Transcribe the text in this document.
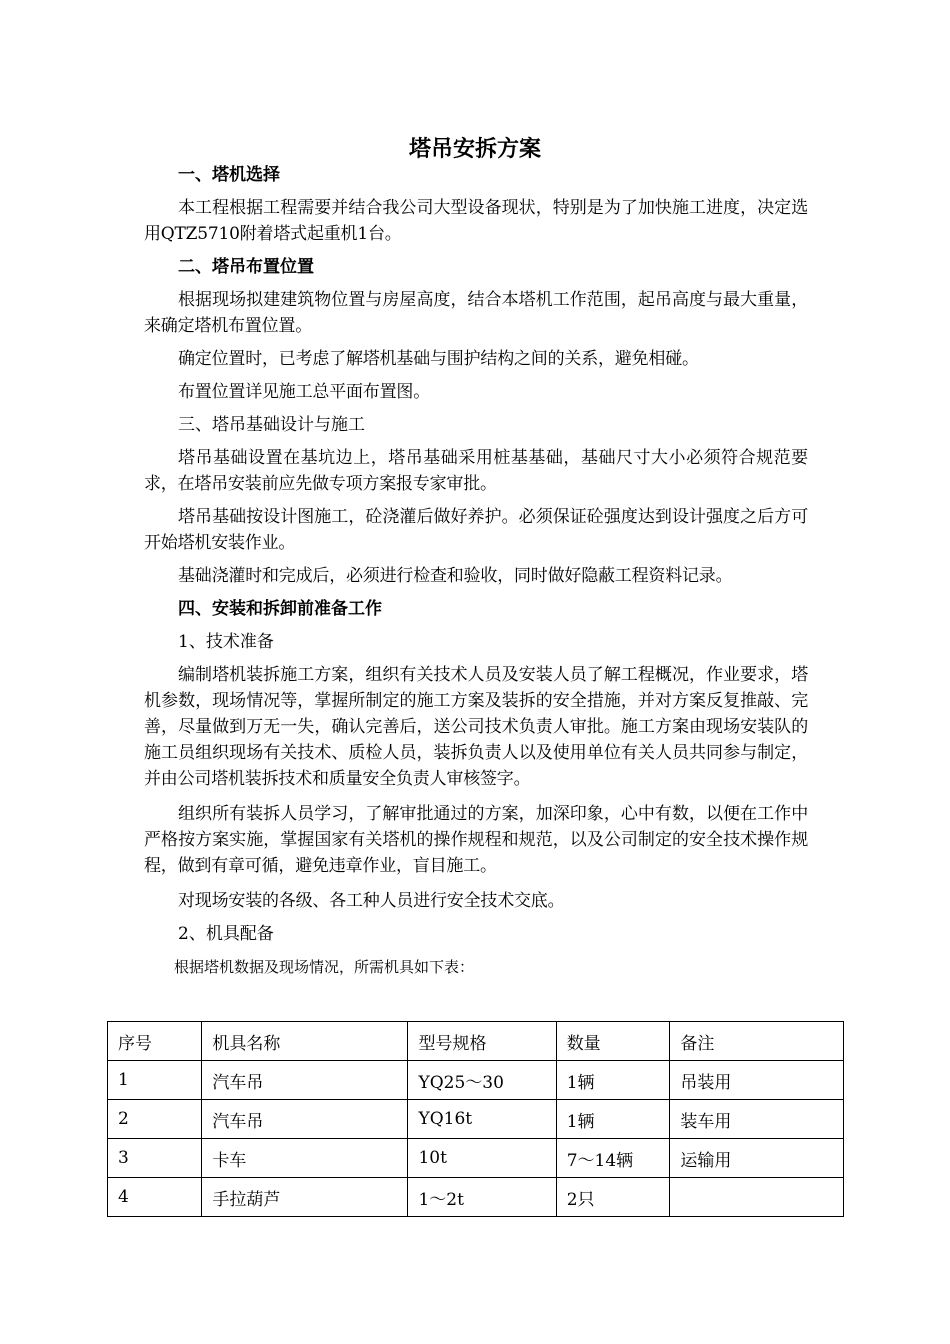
塔吊安拆方案

一、塔机选择

本工程根据工程需要并结合我公司大型设备现状，特别是为了加快施工进度，决定选用QTZ5710附着塔式起重机1台。

二、塔吊布置位置

根据现场拟建建筑物位置与房屋高度，结合本塔机工作范围，起吊高度与最大重量，来确定塔机布置位置。

确定位置时，已考虑了解塔机基础与围护结构之间的关系，避免相碰。

布置位置详见施工总平面布置图。

三、塔吊基础设计与施工

塔吊基础设置在基坑边上，塔吊基础采用桩基基础，基础尺寸大小必须符合规范要求，在塔吊安装前应先做专项方案报专家审批。

塔吊基础按设计图施工，砼浇灌后做好养护。必须保证砼强度达到设计强度之后方可开始塔机安装作业。

基础浇灌时和完成后，必须进行检查和验收，同时做好隐蔽工程资料记录。

四、安装和拆卸前准备工作

1、技术准备

编制塔机装拆施工方案，组织有关技术人员及安装人员了解工程概况，作业要求，塔机参数，现场情况等，掌握所制定的施工方案及装拆的安全措施，并对方案反复推敲、完善，尽量做到万无一失，确认完善后，送公司技术负责人审批。施工方案由现场安装队的施工员组织现场有关技术、质检人员，装拆负责人以及使用单位有关人员共同参与制定，并由公司塔机装拆技术和质量安全负责人审核签字。

组织所有装拆人员学习，了解审批通过的方案，加深印象，心中有数，以便在工作中严格按方案实施，掌握国家有关塔机的操作规程和规范，以及公司制定的安全技术操作规程，做到有章可循，避免违章作业，盲目施工。

对现场安装的各级、各工种人员进行安全技术交底。

2、机具配备

根据塔机数据及现场情况，所需机具如下表：

序号	机具名称	型号规格	数量	备注
1	汽车吊	YQ25～30	1辆	吊装用
2	汽车吊	YQ16t	1辆	装车用
3	卡车	10t	7～14辆	运输用
4	手拉葫芦	1～2t	2只	
